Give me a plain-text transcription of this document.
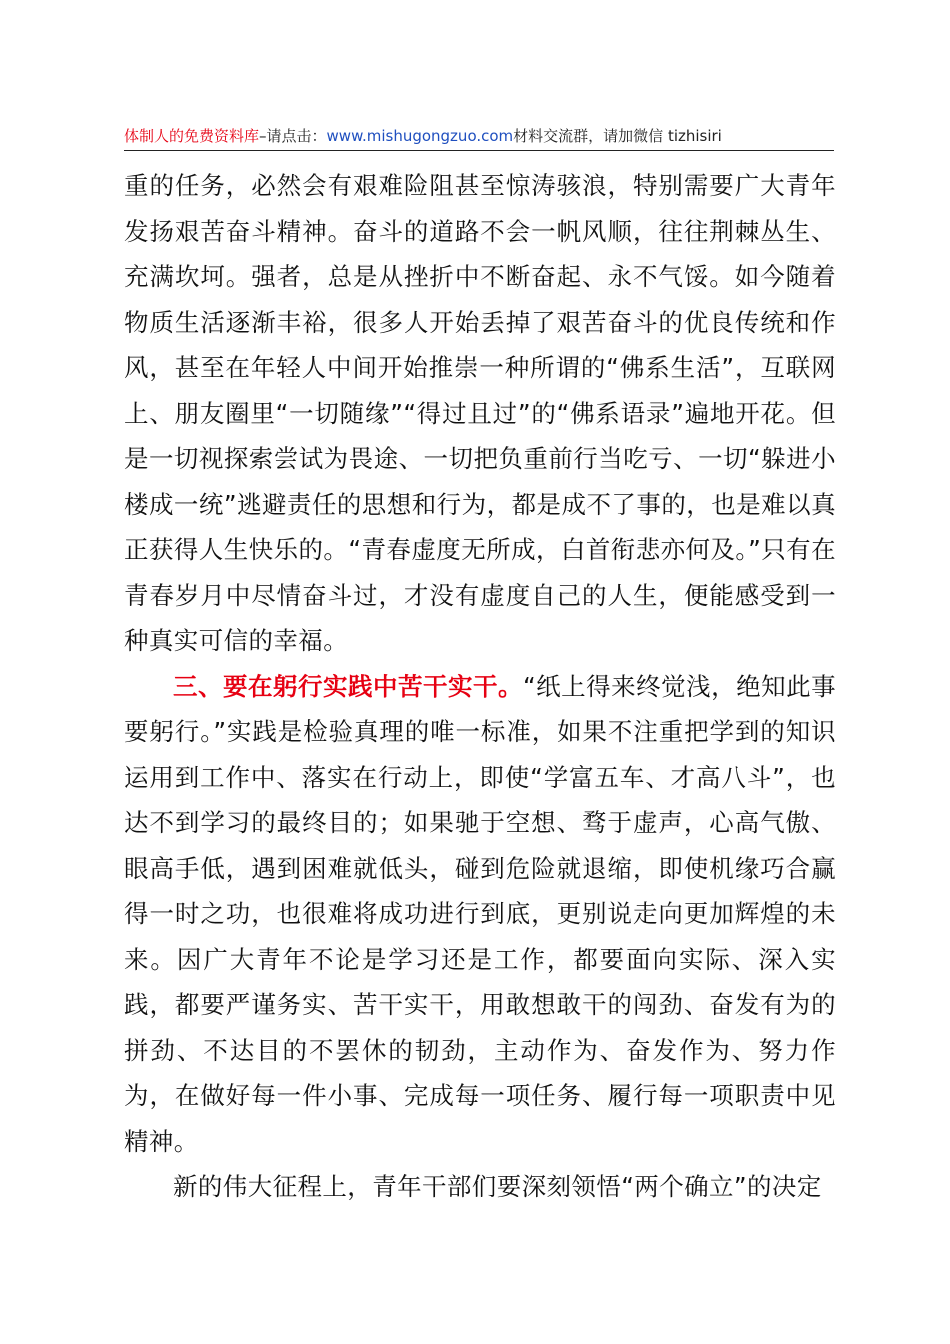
体制人的免费资料库–请点击：www.mishugongzuo.com材料交流群，请加微信 tizhisiri

重的任务，必然会有艰难险阻甚至惊涛骇浪，特别需要广大青年发扬艰苦奋斗精神。奋斗的道路不会一帆风顺，往往荆棘丛生、充满坎坷。强者，总是从挫折中不断奋起、永不气馁。如今随着物质生活逐渐丰裕，很多人开始丢掉了艰苦奋斗的优良传统和作风，甚至在年轻人中间开始推崇一种所谓的“佛系生活”，互联网上、朋友圈里“一切随缘”“得过且过”的“佛系语录”遍地开花。但是一切视探索尝试为畏途、一切把负重前行当吃亏、一切“躲进小楼成一统”逃避责任的思想和行为，都是成不了事的，也是难以真正获得人生快乐的。“青春虚度无所成，白首衔悲亦何及。”只有在青春岁月中尽情奋斗过，才没有虚度自己的人生，便能感受到一种真实可信的幸福。

三、要在躬行实践中苦干实干。“纸上得来终觉浅，绝知此事要躬行。”实践是检验真理的唯一标准，如果不注重把学到的知识运用到工作中、落实在行动上，即使“学富五车、才高八斗”，也达不到学习的最终目的；如果驰于空想、骛于虚声，心高气傲、眼高手低，遇到困难就低头，碰到危险就退缩，即使机缘巧合赢得一时之功，也很难将成功进行到底，更别说走向更加辉煌的未来。因广大青年不论是学习还是工作，都要面向实际、深入实践，都要严谨务实、苦干实干，用敢想敢干的闯劲、奋发有为的拼劲、不达目的不罢休的韧劲，主动作为、奋发作为、努力作为，在做好每一件小事、完成每一项任务、履行每一项职责中见精神。

新的伟大征程上，青年干部们要深刻领悟“两个确立”的决定
